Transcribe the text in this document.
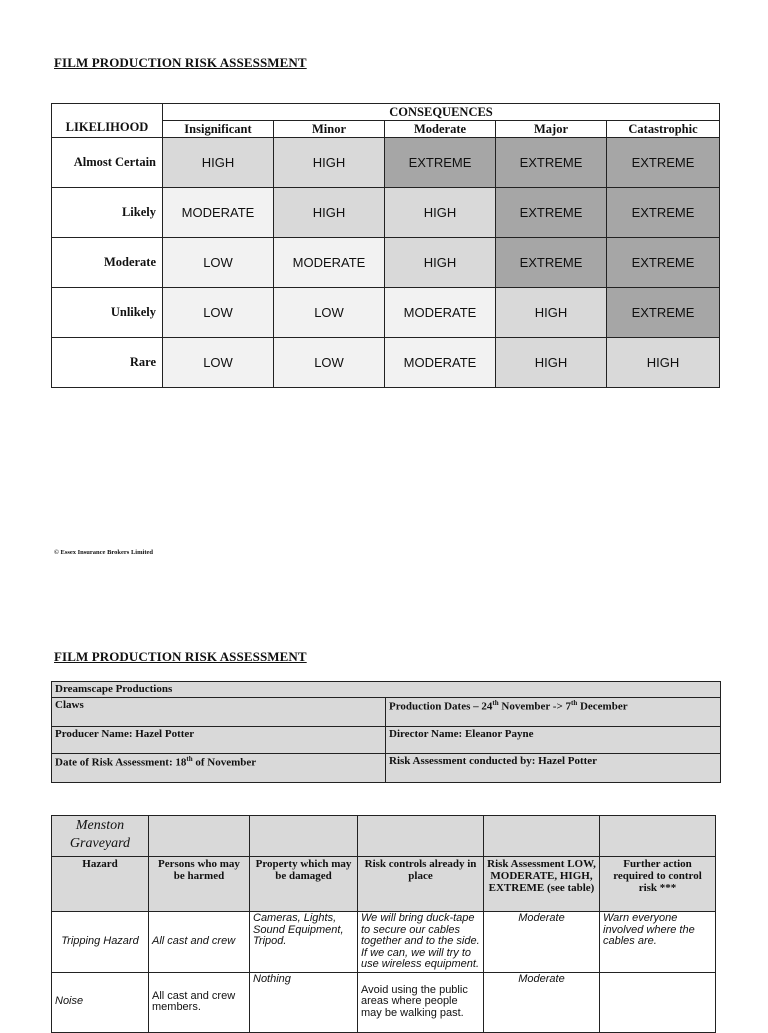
FILM PRODUCTION RISK ASSESSMENT
LIKELIHOOD	CONSEQUENCES				
	Insignificant	Minor	Moderate	Major	Catastrophic
Almost Certain	HIGH	HIGH	EXTREME	EXTREME	EXTREME
Likely	MODERATE	HIGH	HIGH	EXTREME	EXTREME
Moderate	LOW	MODERATE	HIGH	EXTREME	EXTREME
Unlikely	LOW	LOW	MODERATE	HIGH	EXTREME
Rare	LOW	LOW	MODERATE	HIGH	HIGH
© Essex Insurance Brokers Limited
FILM PRODUCTION RISK ASSESSMENT
Dreamscape Productions	
Claws	Production Dates – 24th November -> 7th December
Producer Name: Hazel Potter	Director Name: Eleanor Payne
Date of Risk Assessment: 18th of November	Risk Assessment conducted by: Hazel Potter
Menston Graveyard					

Hazard	Persons who may be harmed	Property which may be damaged	Risk controls already in place	Risk Assessment LOW, MODERATE, HIGH, EXTREME (see table)	Further action required to control risk ***
Tripping Hazard	All cast and crew	Cameras, Lights, Sound Equipment, Tripod.	We will bring duck-tape to secure our cables together and to the side. If we can, we will try to use wireless equipment.	Moderate	Warn everyone involved where the cables are.
Noise	All cast and crew members.	Nothing	Avoid using the public areas where people may be walking past.	Moderate	
